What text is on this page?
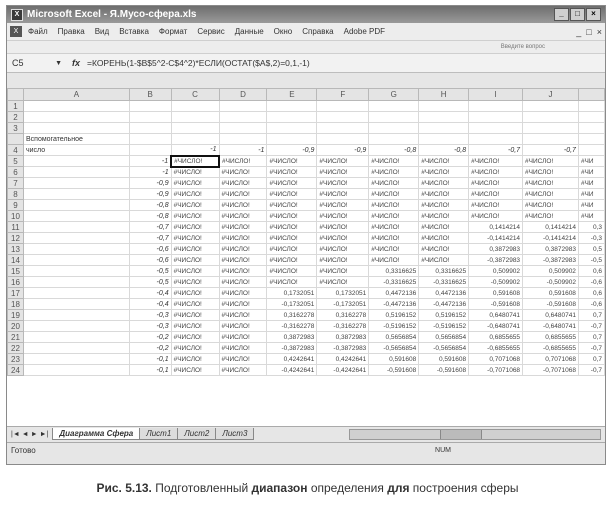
X Microsoft Excel - Я.Мусо-сфера.xls	_	□	×
X	Файл Правка Вид Вставка Формат Сервис Данные Окно Справка Adobe PDF	_ □ ×
Введите вопрос
C5	▼	fx =КОРЕНЬ(1-$B$5^2-C$4^2)*ЕСЛИ(ОСТАТ($A$,2)=0,1,-1)
	A	B	C	D	E	F	G	H	I	J	
1											
2											
3											
	Вспомогательное										
4	число		-1	-1	-0,9	-0,9	-0,8	-0,8	-0,7	-0,7	
5		-1	#ЧИСЛО!	#ЧИСЛО!	#ЧИСЛО!	#ЧИСЛО!	#ЧИСЛО!	#ЧИСЛО!	#ЧИСЛО!	#ЧИСЛО!	#ЧИ
6		-1	#ЧИСЛО!	#ЧИСЛО!	#ЧИСЛО!	#ЧИСЛО!	#ЧИСЛО!	#ЧИСЛО!	#ЧИСЛО!	#ЧИСЛО!	#ЧИ
7		-0,9	#ЧИСЛО!	#ЧИСЛО!	#ЧИСЛО!	#ЧИСЛО!	#ЧИСЛО!	#ЧИСЛО!	#ЧИСЛО!	#ЧИСЛО!	#ЧИ
8		-0,9	#ЧИСЛО!	#ЧИСЛО!	#ЧИСЛО!	#ЧИСЛО!	#ЧИСЛО!	#ЧИСЛО!	#ЧИСЛО!	#ЧИСЛО!	#ЧИ
9		-0,8	#ЧИСЛО!	#ЧИСЛО!	#ЧИСЛО!	#ЧИСЛО!	#ЧИСЛО!	#ЧИСЛО!	#ЧИСЛО!	#ЧИСЛО!	#ЧИ
10		-0,8	#ЧИСЛО!	#ЧИСЛО!	#ЧИСЛО!	#ЧИСЛО!	#ЧИСЛО!	#ЧИСЛО!	#ЧИСЛО!	#ЧИСЛО!	#ЧИ
11		-0,7	#ЧИСЛО!	#ЧИСЛО!	#ЧИСЛО!	#ЧИСЛО!	#ЧИСЛО!	#ЧИСЛО!	0,1414214	0,1414214	0,3
12		-0,7	#ЧИСЛО!	#ЧИСЛО!	#ЧИСЛО!	#ЧИСЛО!	#ЧИСЛО!	#ЧИСЛО!	-0,1414214	-0,1414214	-0,3
13		-0,6	#ЧИСЛО!	#ЧИСЛО!	#ЧИСЛО!	#ЧИСЛО!	#ЧИСЛО!	#ЧИСЛО!	0,3872983	0,3872983	0,5
14		-0,6	#ЧИСЛО!	#ЧИСЛО!	#ЧИСЛО!	#ЧИСЛО!	#ЧИСЛО!	#ЧИСЛО!	-0,3872983	-0,3872983	-0,5
15		-0,5	#ЧИСЛО!	#ЧИСЛО!	#ЧИСЛО!	#ЧИСЛО!	0,3316625	0,3316625	0,509902	0,509902	0,6
16		-0,5	#ЧИСЛО!	#ЧИСЛО!	#ЧИСЛО!	#ЧИСЛО!	-0,3316625	-0,3316625	-0,509902	-0,509902	-0,6
17		-0,4	#ЧИСЛО!	#ЧИСЛО!	0,1732051	0,1732051	0,4472136	0,4472136	0,591608	0,591608	0,6
18		-0,4	#ЧИСЛО!	#ЧИСЛО!	-0,1732051	-0,1732051	-0,4472136	-0,4472136	-0,591608	-0,591608	-0,6
19		-0,3	#ЧИСЛО!	#ЧИСЛО!	0,3162278	0,3162278	0,5196152	0,5196152	0,6480741	0,6480741	0,7
20		-0,3	#ЧИСЛО!	#ЧИСЛО!	-0,3162278	-0,3162278	-0,5196152	-0,5196152	-0,6480741	-0,6480741	-0,7
21		-0,2	#ЧИСЛО!	#ЧИСЛО!	0,3872983	0,3872983	0,5656854	0,5656854	0,6855655	0,6855655	0,7
22		-0,2	#ЧИСЛО!	#ЧИСЛО!	-0,3872983	-0,3872983	-0,5656854	-0,5656854	-0,6855655	-0,6855655	-0,7
23		-0,1	#ЧИСЛО!	#ЧИСЛО!	0,4242641	0,4242641	0,591608	0,591608	0,7071068	0,7071068	0,7
24		-0,1	#ЧИСЛО!	#ЧИСЛО!	-0,4242641	-0,4242641	-0,591608	-0,591608	-0,7071068	-0,7071068	-0,7
|◄ ◄ ► ►|	Диаграмма Сфера	Лист1	Лист2	Лист3
Готово	NUM
Рис. 5.13. Подготовленный диапазон определения для построения сферы
